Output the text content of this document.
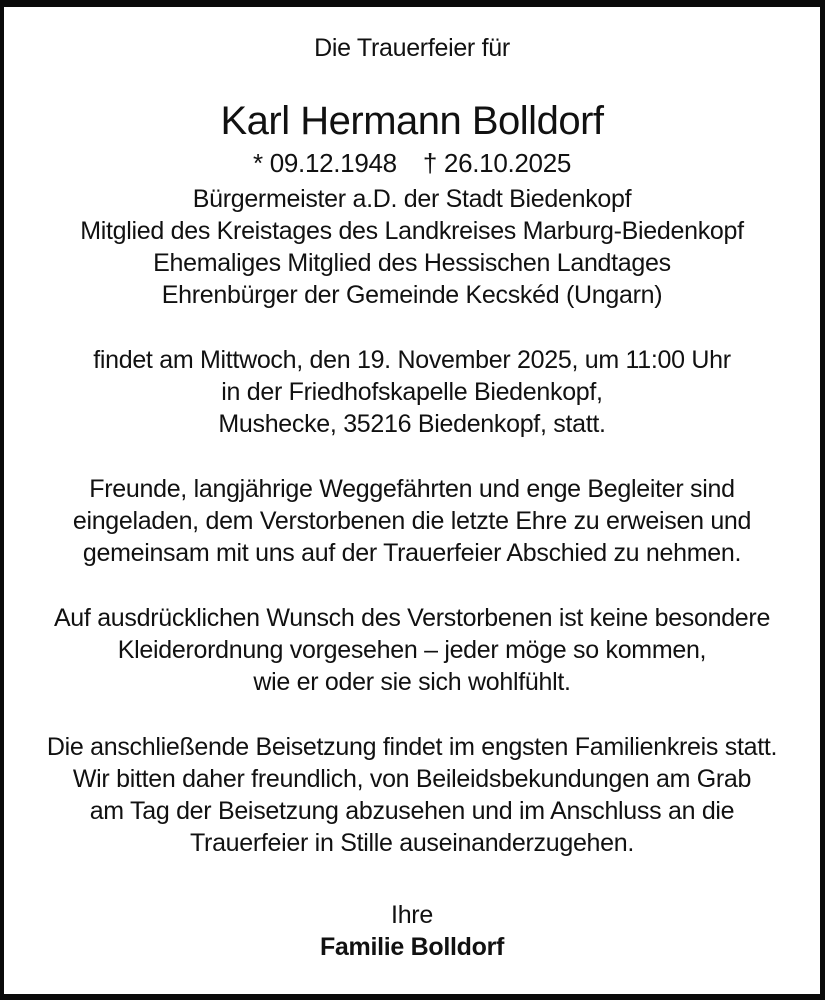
Die Trauerfeier für
Karl Hermann Bolldorf
* 09.12.1948 † 26.10.2025
Bürgermeister a.D. der Stadt Biedenkopf
Mitglied des Kreistages des Landkreises Marburg-Biedenkopf
Ehemaliges Mitglied des Hessischen Landtages
Ehrenbürger der Gemeinde Kecskéd (Ungarn)
findet am Mittwoch, den 19. November 2025, um 11:00 Uhr
in der Friedhofskapelle Biedenkopf,
Mushecke, 35216 Biedenkopf, statt.
Freunde, langjährige Weggefährten und enge Begleiter sind
eingeladen, dem Verstorbenen die letzte Ehre zu erweisen und
gemeinsam mit uns auf der Trauerfeier Abschied zu nehmen.
Auf ausdrücklichen Wunsch des Verstorbenen ist keine besondere
Kleiderordnung vorgesehen – jeder möge so kommen,
wie er oder sie sich wohlfühlt.
Die anschließende Beisetzung findet im engsten Familienkreis statt.
Wir bitten daher freundlich, von Beileidsbekundungen am Grab
am Tag der Beisetzung abzusehen und im Anschluss an die
Trauerfeier in Stille auseinanderzugehen.
Ihre
Familie Bolldorf
